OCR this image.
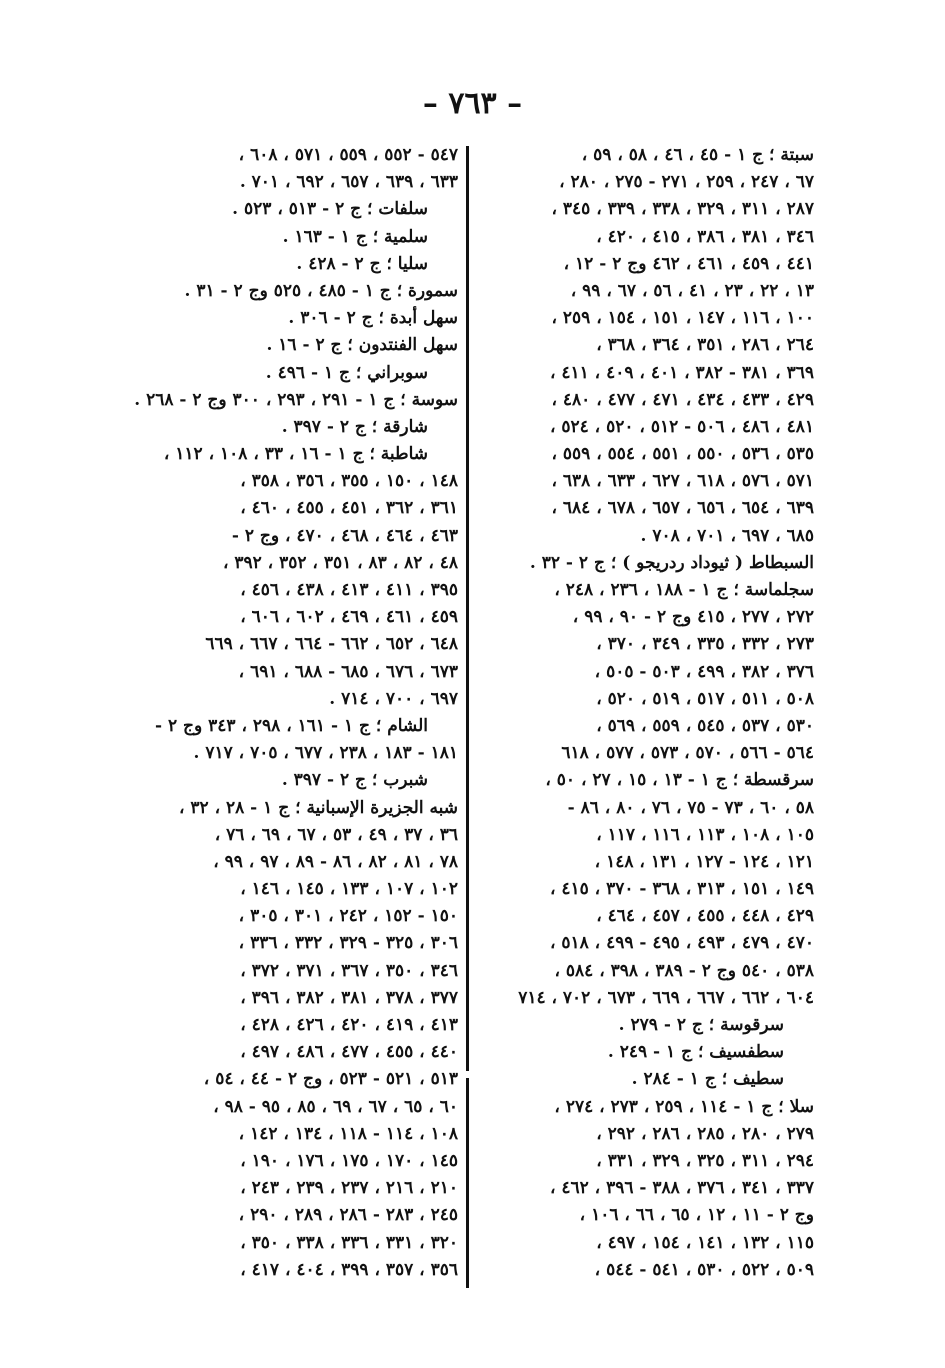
– ٧٦٣ –
سبتة ؛ ج ١ - ٤٥ ، ٤٦ ، ٥٨ ، ٥٩ ،
٦٧ ، ٢٤٧ ، ٢٥٩ ، ٢٧١ - ٢٧٥ ، ٢٨٠ ،
٢٨٧ ، ٣١١ ، ٣٢٩ ، ٣٣٨ ، ٣٣٩ ، ٣٤٥ ،
٣٤٦ ، ٣٨١ ، ٣٨٦ ، ٤١٥ ، ٤٢٠ ،
٤٤١ ، ٤٥٩ ، ٤٦١ ، ٤٦٢ وج ٢ - ١٢ ،
١٣ ، ٢٢ ، ٢٣ ، ٤١ ، ٥٦ ، ٦٧ ، ٩٩ ،
١٠٠ ، ١١٦ ، ١٤٧ ، ١٥١ ، ١٥٤ ، ٢٥٩ ،
٢٦٤ ، ٢٨٦ ، ٣٥١ ، ٣٦٤ ، ٣٦٨ ،
٣٦٩ ، ٣٨١ - ٣٨٢ ، ٤٠١ ، ٤٠٩ ، ٤١١ ،
٤٢٩ ، ٤٣٣ ، ٤٣٤ ، ٤٧١ ، ٤٧٧ ، ٤٨٠ ،
٤٨١ ، ٤٨٦ ، ٥٠٦ - ٥١٢ ، ٥٢٠ ، ٥٢٤ ،
٥٣٥ ، ٥٣٦ ، ٥٥٠ ، ٥٥١ ، ٥٥٤ ، ٥٥٩ ،
٥٧١ ، ٥٧٦ ، ٦١٨ ، ٦٢٧ ، ٦٣٣ ، ٦٣٨ ،
٦٣٩ ، ٦٥٤ ، ٦٥٦ ، ٦٥٧ ، ٦٧٨ ، ٦٨٤ ،
٦٨٥ ، ٦٩٧ ، ٧٠١ ، ٧٠٨ .
السبطاط ( ثيوداد ردريجو ) ؛ ج ٢ - ٣٢ .
سجلماسة ؛ ج ١ - ١٨٨ ، ٢٣٦ ، ٢٤٨ ،
٢٧٢ ، ٢٧٧ ، ٤١٥ وج ٢ - ٩٠ ، ٩٩ ،
٢٧٣ ، ٣٣٢ ، ٣٣٥ ، ٣٤٩ ، ٣٧٠ ،
٣٧٦ ، ٣٨٢ ، ٤٩٩ ، ٥٠٣ - ٥٠٥ ،
٥٠٨ ، ٥١١ ، ٥١٧ ، ٥١٩ ، ٥٢٠ ،
٥٣٠ ، ٥٣٧ ، ٥٤٥ ، ٥٥٩ ، ٥٦٩ ،
٥٦٤ - ٥٦٦ ، ٥٧٠ ، ٥٧٣ ، ٥٧٧ ، ٦١٨
سرقسطة ؛ ج ١ - ١٣ ، ١٥ ، ٢٧ ، ٥٠ ،
٥٨ ، ٦٠ ، ٧٣ - ٧٥ ، ٧٦ ، ٨٠ ، ٨٦ -
١٠٥ ، ١٠٨ ، ١١٣ ، ١١٦ ، ١١٧ ،
١٢١ ، ١٢٤ - ١٢٧ ، ١٣١ ، ١٤٨ ،
١٤٩ ، ١٥١ ، ٣١٣ ، ٣٦٨ - ٣٧٠ ، ٤١٥ ،
٤٢٩ ، ٤٤٨ ، ٤٥٥ ، ٤٥٧ ، ٤٦٤ ،
٤٧٠ ، ٤٧٩ ، ٤٩٣ ، ٤٩٥ - ٤٩٩ ، ٥١٨ ،
٥٣٨ ، ٥٤٠ وج ٢ - ٣٨٩ ، ٣٩٨ ، ٥٨٤ ،
٦٠٤ ، ٦٦٢ ، ٦٦٧ ، ٦٦٩ ، ٦٧٣ ، ٧٠٢ ، ٧١٤
سرقوسة ؛ ج ٢ - ٢٧٩ .
سطفسيف ؛ ج ١ - ٢٤٩ .
سطيف ؛ ج ١ - ٢٨٤ .
سلا ؛ ج ١ - ١١٤ ، ٢٥٩ ، ٢٧٣ ، ٢٧٤ ،
٢٧٩ ، ٢٨٠ ، ٢٨٥ ، ٢٨٦ ، ٢٩٢ ،
٢٩٤ ، ٣١١ ، ٣٢٥ ، ٣٢٩ ، ٣٣١ ،
٣٣٧ ، ٣٤١ ، ٣٧٦ ، ٣٨٨ - ٣٩٦ ، ٤٦٢ ،
وج ٢ - ١١ ، ١٢ ، ٦٥ ، ٦٦ ، ١٠٦ ،
١١٥ ، ١٣٢ ، ١٤١ ، ١٥٤ ، ٤٩٧ ،
٥٠٩ ، ٥٢٢ ، ٥٣٠ ، ٥٤١ - ٥٤٤ ،
٥٤٧ - ٥٥٢ ، ٥٥٩ ، ٥٧١ ، ٦٠٨ ،
٦٣٣ ، ٦٣٩ ، ٦٥٧ ، ٦٩٢ ، ٧٠١ .
سلفات ؛ ج ٢ - ٥١٣ ، ٥٢٣ .
سلمية ؛ ج ١ - ١٦٣ .
سليا ؛ ج ٢ - ٤٢٨ .
سمورة ؛ ج ١ - ٤٨٥ ، ٥٢٥ وج ٢ - ٣١ .
سهل أبدة ؛ ج ٢ - ٣٠٦ .
سهل الفنتدون ؛ ج ٢ - ١٦ .
سوبراني ؛ ج ١ - ٤٩٦ .
سوسة ؛ ج ١ - ٢٩١ ، ٢٩٣ ، ٣٠٠ وج ٢ - ٢٦٨ .
شارقة ؛ ج ٢ - ٣٩٧ .
شاطبة ؛ ج ١ - ١٦ ، ٣٣ ، ١٠٨ ، ١١٢ ،
١٤٨ ، ١٥٠ ، ٣٥٥ ، ٣٥٦ ، ٣٥٨ ،
٣٦١ ، ٣٦٢ ، ٤٥١ ، ٤٥٥ ، ٤٦٠ ،
٤٦٣ ، ٤٦٤ ، ٤٦٨ ، ٤٧٠ ، وج ٢ -
٤٨ ، ٨٢ ، ٨٣ ، ٣٥١ ، ٣٥٢ ، ٣٩٢ ،
٣٩٥ ، ٤١١ ، ٤١٣ ، ٤٣٨ ، ٤٥٦ ،
٤٥٩ ، ٤٦١ ، ٤٦٩ ، ٦٠٢ ، ٦٠٦ ،
٦٤٨ ، ٦٥٢ ، ٦٦٢ - ٦٦٤ ، ٦٦٧ ، ٦٦٩
٦٧٣ ، ٦٧٦ ، ٦٨٥ - ٦٨٨ ، ٦٩١ ،
٦٩٧ ، ٧٠٠ ، ٧١٤ .
الشام ؛ ج ١ - ١٦١ ، ٢٩٨ ، ٣٤٣ وج ٢ -
١٨١ - ١٨٣ ، ٢٣٨ ، ٦٧٧ ، ٧٠٥ ، ٧١٧ .
شبرب ؛ ج ٢ - ٣٩٧ .
شبه الجزيرة الإسبانية ؛ ج ١ - ٢٨ ، ٣٢ ،
٣٦ ، ٣٧ ، ٤٩ ، ٥٣ ، ٦٧ ، ٦٩ ، ٧٦ ،
٧٨ ، ٨١ ، ٨٢ ، ٨٦ - ٨٩ ، ٩٧ ، ٩٩ ،
١٠٢ ، ١٠٧ ، ١٣٣ ، ١٤٥ ، ١٤٦ ،
١٥٠ - ١٥٢ ، ٢٤٢ ، ٣٠١ ، ٣٠٥ ،
٣٠٦ ، ٣٢٥ - ٣٢٩ ، ٣٣٢ ، ٣٣٦ ،
٣٤٦ ، ٣٥٠ ، ٣٦٧ ، ٣٧١ ، ٣٧٢ ،
٣٧٧ ، ٣٧٨ ، ٣٨١ ، ٣٨٢ ، ٣٩٦ ،
٤١٣ ، ٤١٩ ، ٤٢٠ ، ٤٢٦ ، ٤٢٨ ،
٤٤٠ ، ٤٥٥ ، ٤٧٧ ، ٤٨٦ ، ٤٩٧ ،
٥١٣ ، ٥٢١ - ٥٢٣ ، وج ٢ - ٤٤ ، ٥٤ ،
٦٠ ، ٦٥ ، ٦٧ ، ٦٩ ، ٨٥ ، ٩٥ - ٩٨ ،
١٠٨ ، ١١٤ - ١١٨ ، ١٣٤ ، ١٤٢ ،
١٤٥ ، ١٧٠ ، ١٧٥ ، ١٧٦ ، ١٩٠ ،
٢١٠ ، ٢١٦ ، ٢٣٧ ، ٢٣٩ ، ٢٤٣ ،
٢٤٥ ، ٢٨٣ - ٢٨٦ ، ٢٨٩ ، ٢٩٠ ،
٣٢٠ ، ٣٣١ ، ٣٣٦ ، ٣٣٨ ، ٣٥٠ ،
٣٥٦ ، ٣٥٧ ، ٣٩٩ ، ٤٠٤ ، ٤١٧ ،
